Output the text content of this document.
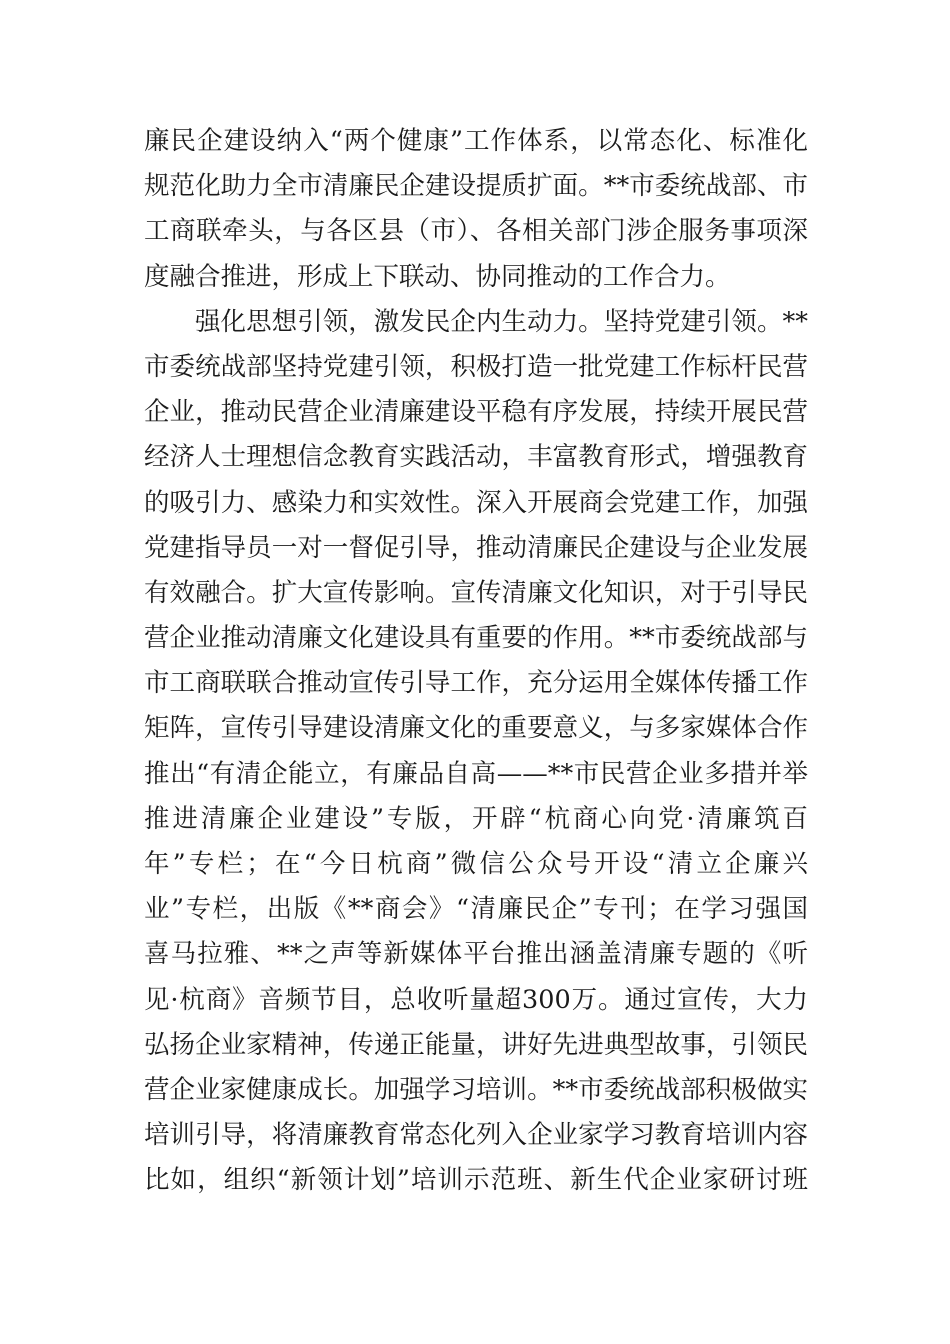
廉民企建设纳入“两个健康”工作体系，以常态化、标准化
规范化助力全市清廉民企建设提质扩面。**市委统战部、市
工商联牵头，与各区县（市）、各相关部门涉企服务事项深
度融合推进，形成上下联动、协同推动的工作合力。
强化思想引领，激发民企内生动力。坚持党建引领。**
市委统战部坚持党建引领，积极打造一批党建工作标杆民营
企业，推动民营企业清廉建设平稳有序发展，持续开展民营
经济人士理想信念教育实践活动，丰富教育形式，增强教育
的吸引力、感染力和实效性。深入开展商会党建工作，加强
党建指导员一对一督促引导，推动清廉民企建设与企业发展
有效融合。扩大宣传影响。宣传清廉文化知识，对于引导民
营企业推动清廉文化建设具有重要的作用。**市委统战部与
市工商联联合推动宣传引导工作，充分运用全媒体传播工作
矩阵，宣传引导建设清廉文化的重要意义，与多家媒体合作
推出“有清企能立，有廉品自高——**市民营企业多措并举
推进清廉企业建设”专版，开辟“杭商心向党·清廉筑百
年”专栏；在“今日杭商”微信公众号开设“清立企廉兴
业”专栏，出版《**商会》“清廉民企”专刊；在学习强国
喜马拉雅、**之声等新媒体平台推出涵盖清廉专题的《听
见·杭商》音频节目，总收听量超300万。通过宣传，大力
弘扬企业家精神，传递正能量，讲好先进典型故事，引领民
营企业家健康成长。加强学习培训。**市委统战部积极做实
培训引导，将清廉教育常态化列入企业家学习教育培训内容
比如，组织“新领计划”培训示范班、新生代企业家研讨班
